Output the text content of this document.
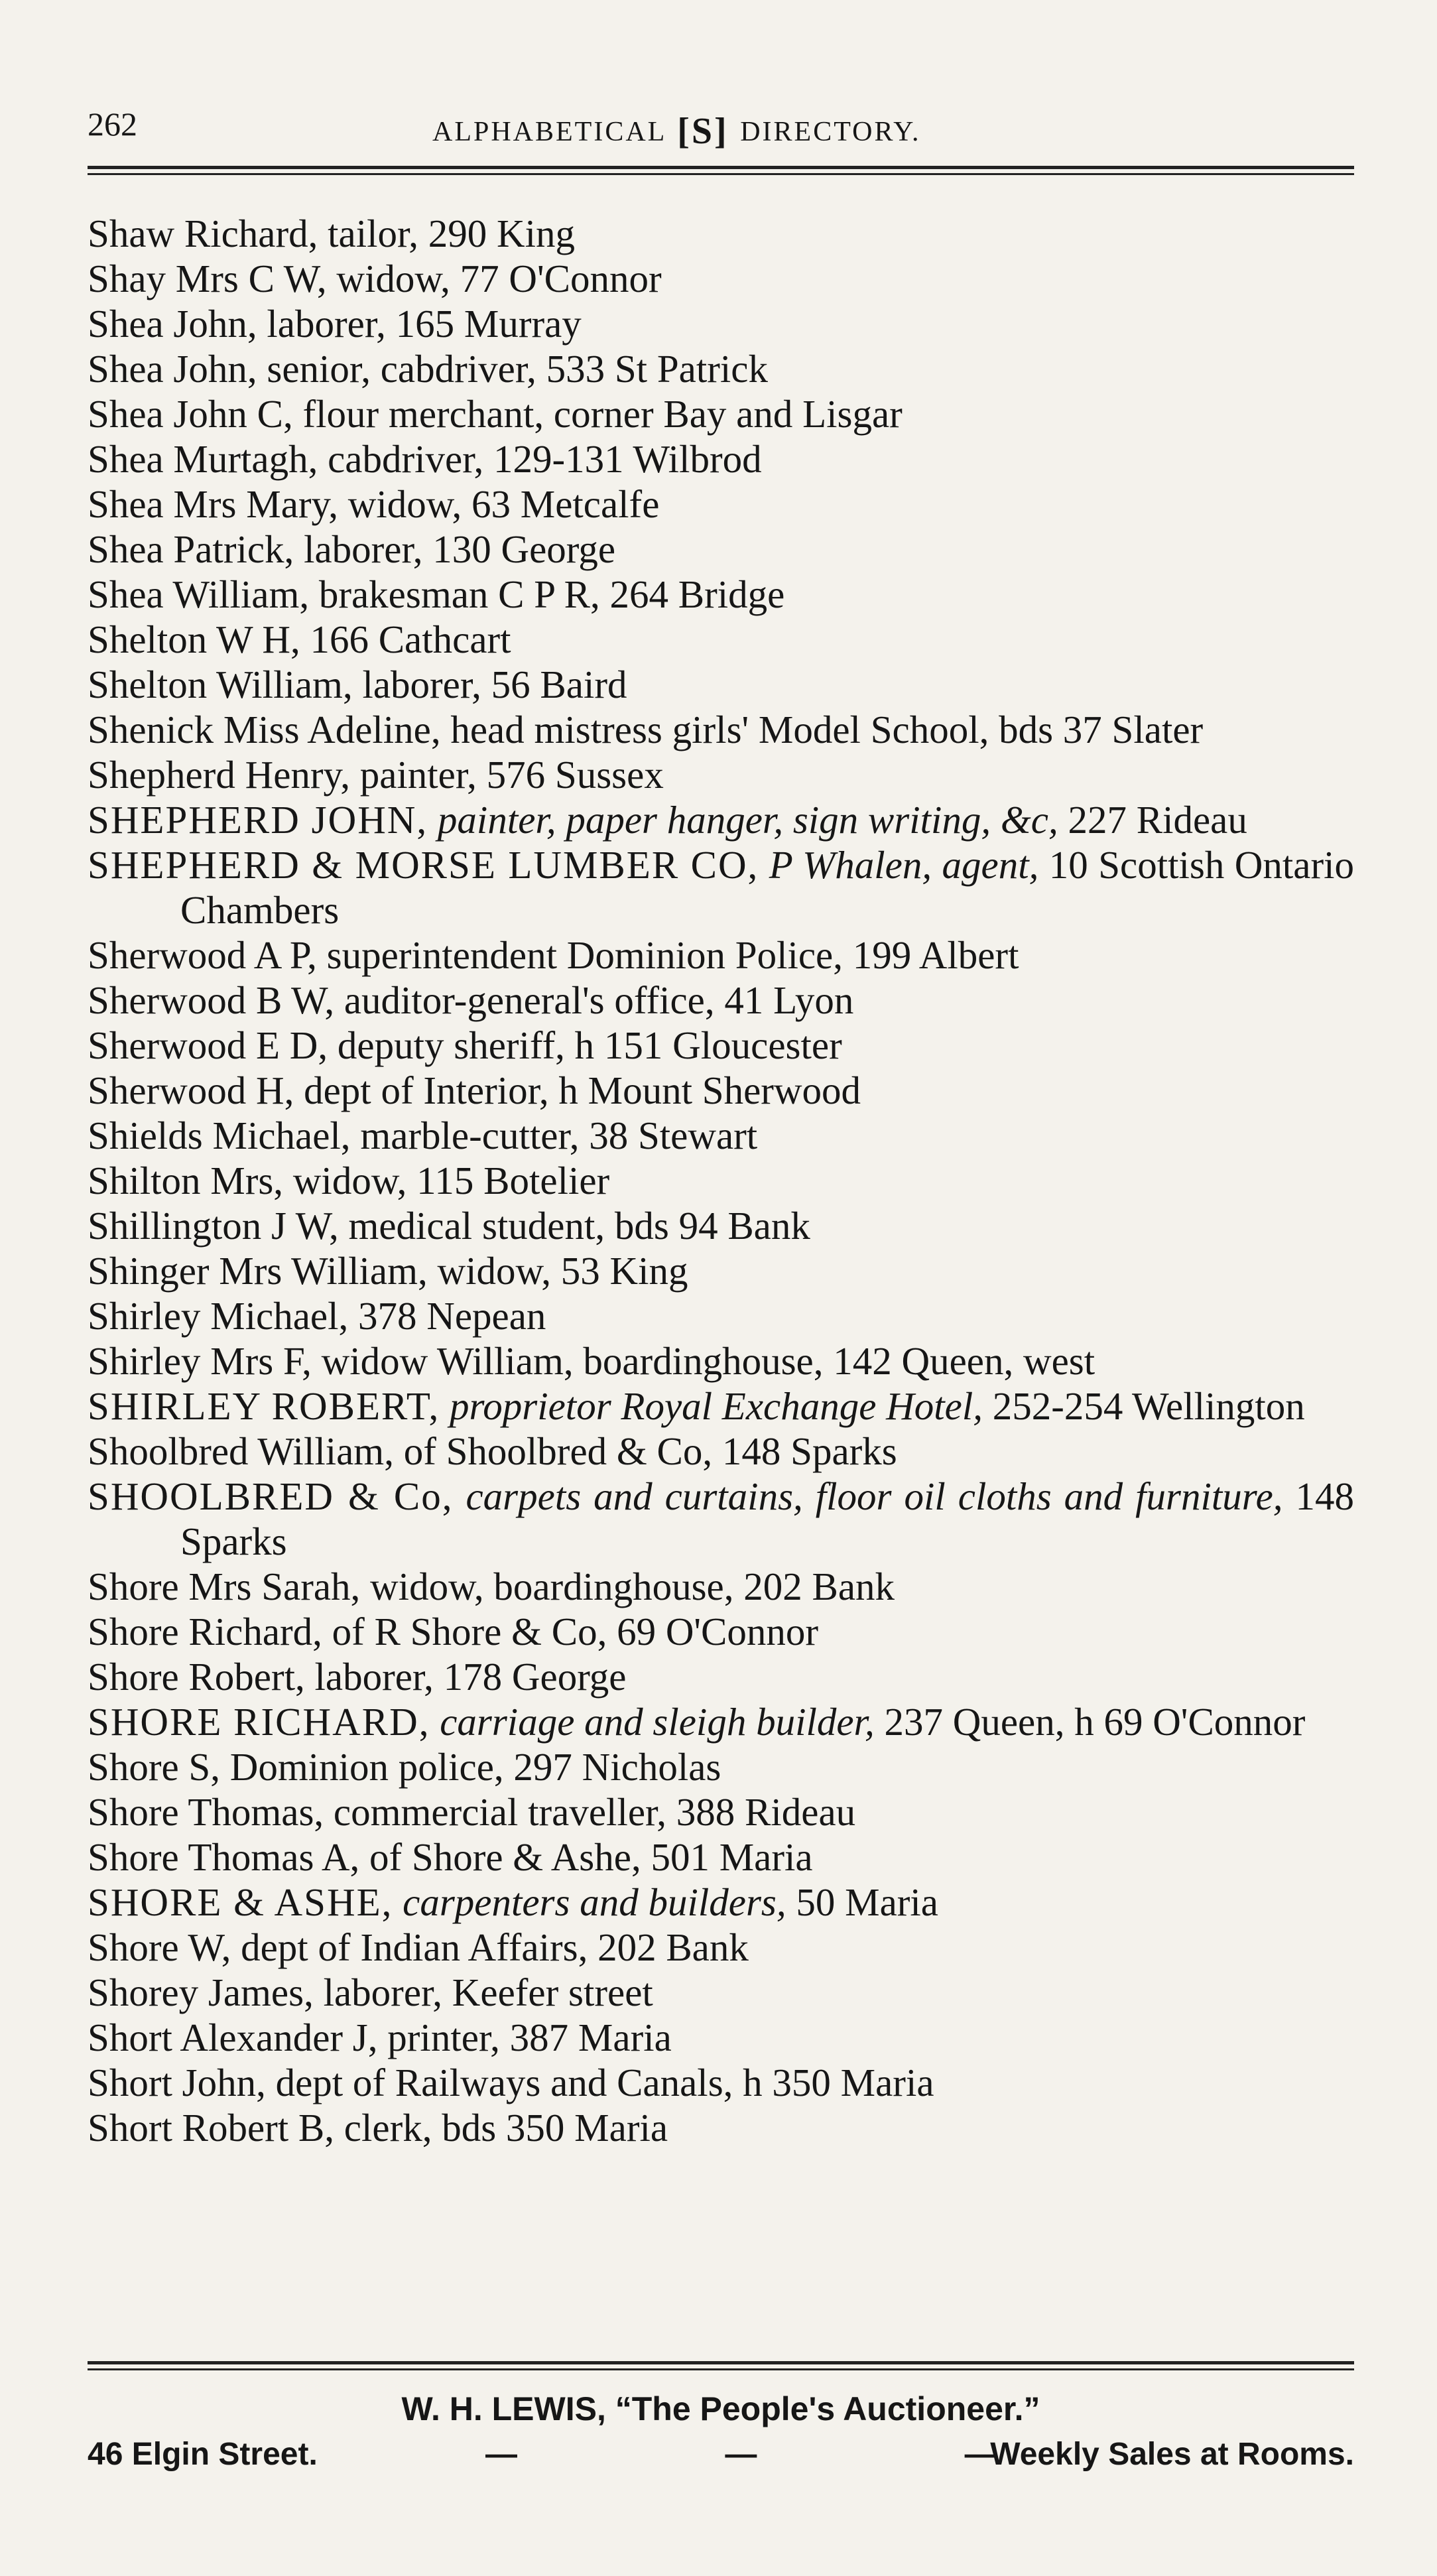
262	ALPHABETICAL [S] DIRECTORY.
Shaw Richard, tailor, 290 King
Shay Mrs C W, widow, 77 O'Connor
Shea John, laborer, 165 Murray
Shea John, senior, cabdriver, 533 St Patrick
Shea John C, flour merchant, corner Bay and Lisgar
Shea Murtagh, cabdriver, 129-131 Wilbrod
Shea Mrs Mary, widow, 63 Metcalfe
Shea Patrick, laborer, 130 George
Shea William, brakesman C P R, 264 Bridge
Shelton W H, 166 Cathcart
Shelton William, laborer, 56 Baird
Shenick Miss Adeline, head mistress girls' Model School, bds 37 Slater
Shepherd Henry, painter, 576 Sussex
SHEPHERD JOHN, painter, paper hanger, sign writing, &c, 227 Rideau
SHEPHERD & MORSE LUMBER CO, P Whalen, agent, 10 Scottish Ontario Chambers
Sherwood A P, superintendent Dominion Police, 199 Albert
Sherwood B W, auditor-general's office, 41 Lyon
Sherwood E D, deputy sheriff, h 151 Gloucester
Sherwood H, dept of Interior, h Mount Sherwood
Shields Michael, marble-cutter, 38 Stewart
Shilton Mrs, widow, 115 Botelier
Shillington J W, medical student, bds 94 Bank
Shinger Mrs William, widow, 53 King
Shirley Michael, 378 Nepean
Shirley Mrs F, widow William, boardinghouse, 142 Queen, west
SHIRLEY ROBERT, proprietor Royal Exchange Hotel, 252-254 Wellington
Shoolbred William, of Shoolbred & Co, 148 Sparks
SHOOLBRED & Co, carpets and curtains, floor oil cloths and furniture, 148 Sparks
Shore Mrs Sarah, widow, boardinghouse, 202 Bank
Shore Richard, of R Shore & Co, 69 O'Connor
Shore Robert, laborer, 178 George
SHORE RICHARD, carriage and sleigh builder, 237 Queen, h 69 O'Connor
Shore S, Dominion police, 297 Nicholas
Shore Thomas, commercial traveller, 388 Rideau
Shore Thomas A, of Shore & Ashe, 501 Maria
SHORE & ASHE, carpenters and builders, 50 Maria
Shore W, dept of Indian Affairs, 202 Bank
Shorey James, laborer, Keefer street
Short Alexander J, printer, 387 Maria
Short John, dept of Railways and Canals, h 350 Maria
Short Robert B, clerk, bds 350 Maria
W. H. LEWIS, “The People's Auctioneer.”
46 Elgin Street.	— — —
Weekly Sales at Rooms.
